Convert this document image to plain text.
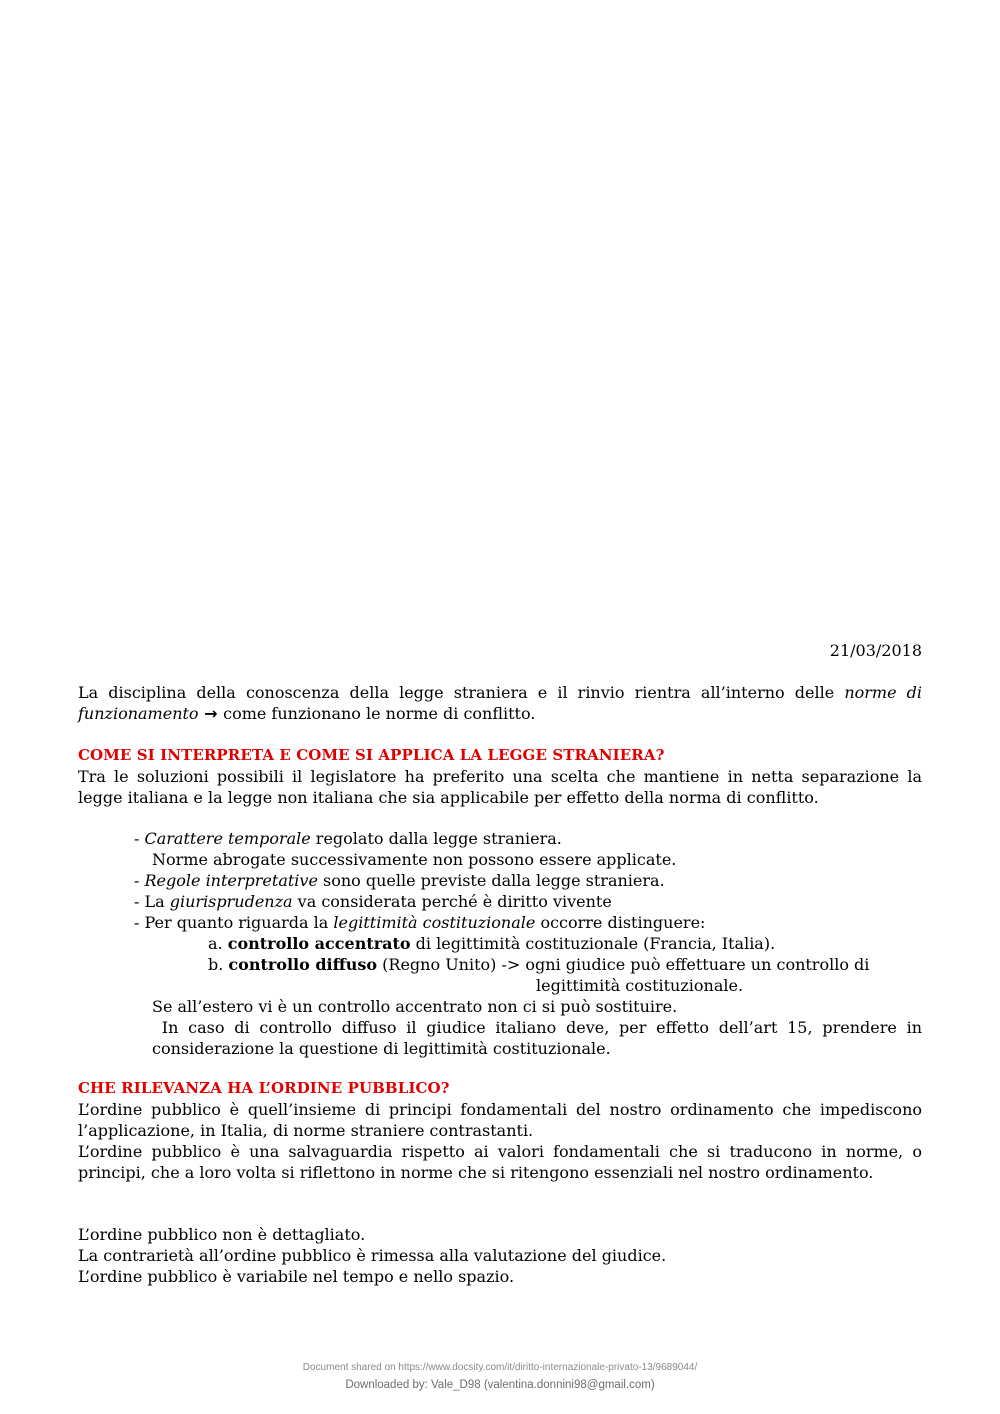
21/03/2018

La disciplina della conoscenza della legge straniera e il rinvio rientra all’interno delle norme di funzionamento → come funzionano le norme di conflitto.

COME SI INTERPRETA E COME SI APPLICA LA LEGGE STRANIERA?

Tra le soluzioni possibili il legislatore ha preferito una scelta che mantiene in netta separazione la legge italiana e la legge non italiana che sia applicabile per effetto della norma di conflitto.

- Carattere temporale regolato dalla legge straniera.
Norme abrogate successivamente non possono essere applicate.
- Regole interpretative sono quelle previste dalla legge straniera.
- La giurisprudenza va considerata perché è diritto vivente
- Per quanto riguarda la legittimità costituzionale occorre distinguere:
a. controllo accentrato di legittimità costituzionale (Francia, Italia).
b. controllo diffuso (Regno Unito) -> ogni giudice può effettuare un controllo di
legittimità costituzionale.
Se all’estero vi è un controllo accentrato non ci si può sostituire.
In caso di controllo diffuso il giudice italiano deve, per effetto dell’art 15, prendere in
considerazione la questione di legittimità costituzionale.

CHE RILEVANZA HA L’ORDINE PUBBLICO?

L’ordine pubblico è quell’insieme di principi fondamentali del nostro ordinamento che impediscono l’applicazione, in Italia, di norme straniere contrastanti.

L’ordine pubblico è una salvaguardia rispetto ai valori fondamentali che si traducono in norme, o principi, che a loro volta si riflettono in norme che si ritengono essenziali nel nostro ordinamento.

L’ordine pubblico non è dettagliato.

La contrarietà all’ordine pubblico è rimessa alla valutazione del giudice.

L’ordine pubblico è variabile nel tempo e nello spazio.

Document shared on https://www.docsity.com/it/diritto-internazionale-privato-13/9689044/
Downloaded by: Vale_D98 (valentina.donnini98@gmail.com)
